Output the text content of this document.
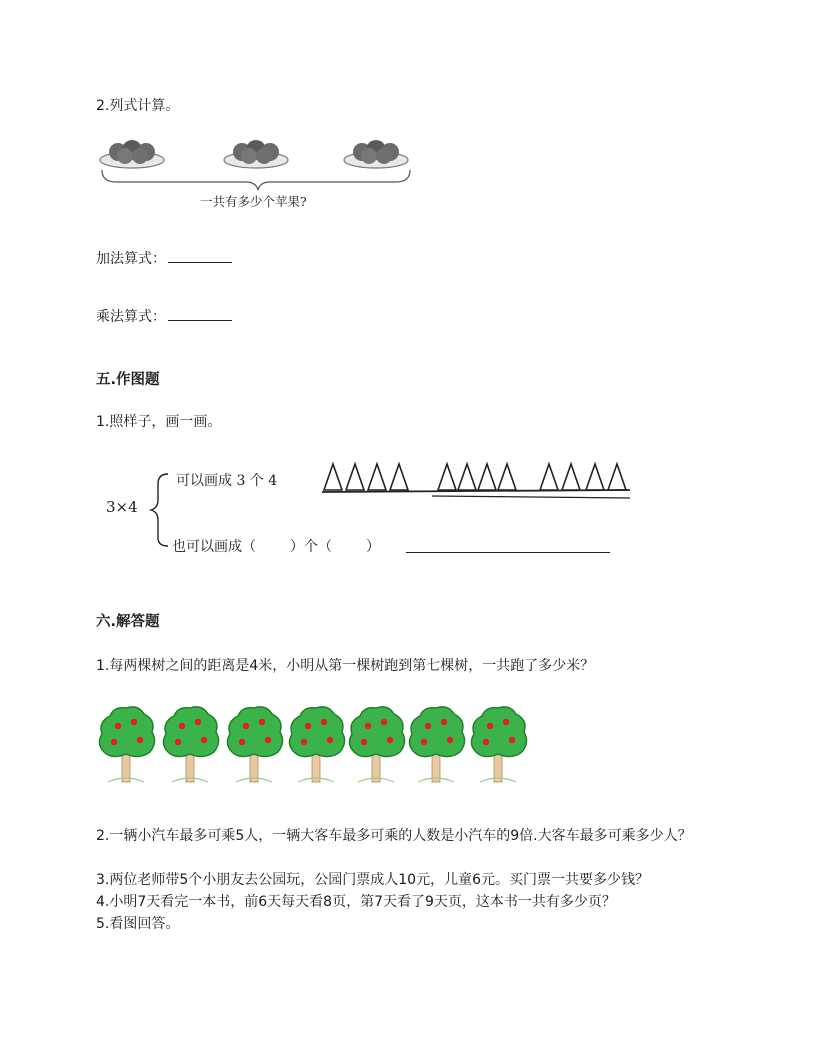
2.列式计算。
一共有多少个苹果?
加法算式：
乘法算式：
五.作图题
1.照样子，画一画。
3×4
可以画成 3 个 4
也可以画成（ ）个（ ）
六.解答题
1.每两棵树之间的距离是4米，小明从第一棵树跑到第七棵树，一共跑了多少米？
2.一辆小汽车最多可乘5人，一辆大客车最多可乘的人数是小汽车的9倍.大客车最多可乘多少人？
3.两位老师带5个小朋友去公园玩，公园门票成人10元，儿童6元。买门票一共要多少钱？
4.小明7天看完一本书，前6天每天看8页，第7天看了9天页，这本书一共有多少页？
5.看图回答。
